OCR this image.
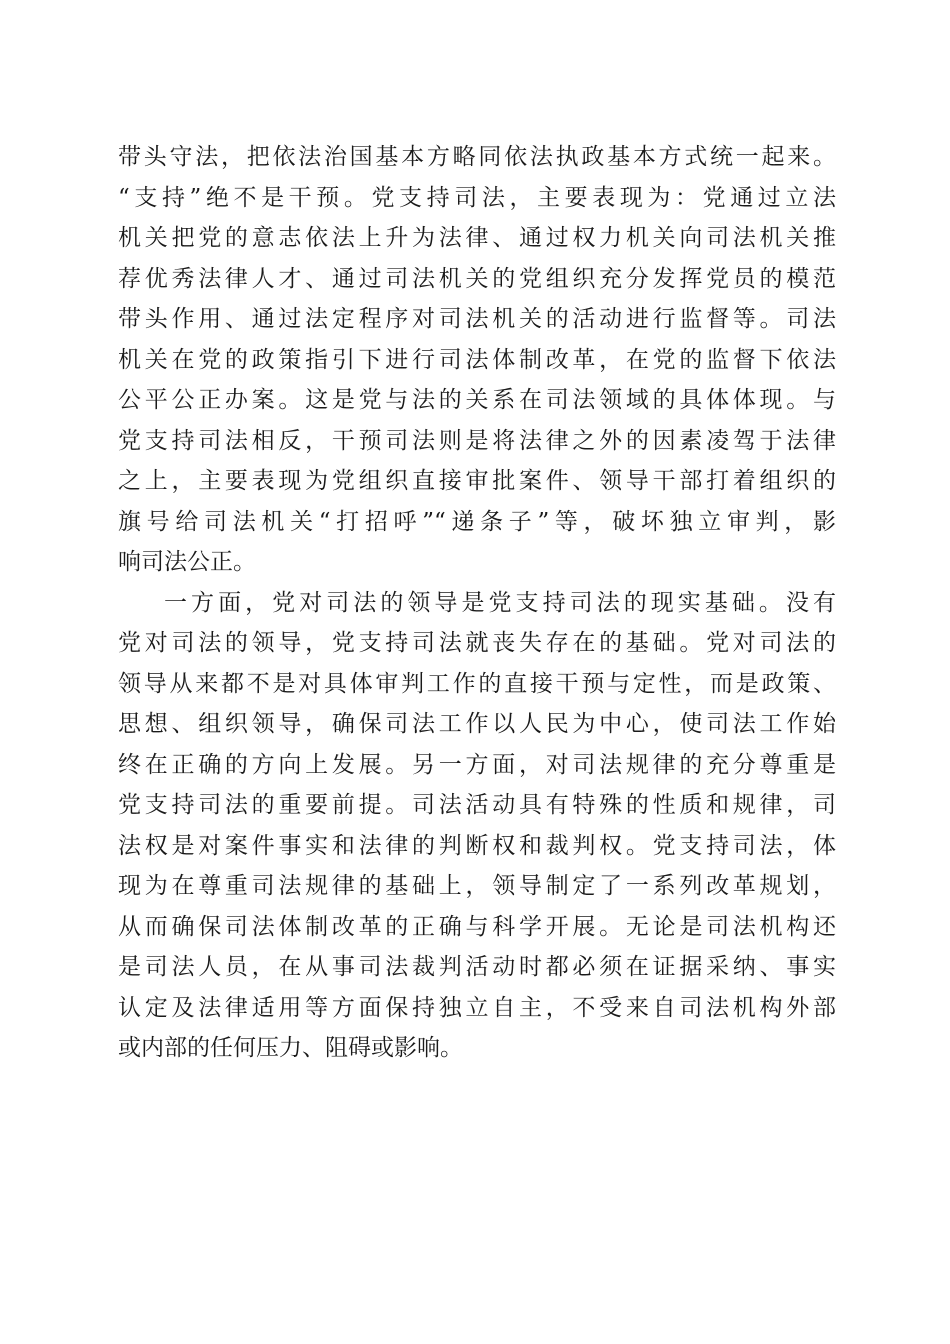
带头守法，把依法治国基本方略同依法执政基本方式统一起来。
“支持”绝不是干预。党支持司法，主要表现为：党通过立法
机关把党的意志依法上升为法律、通过权力机关向司法机关推
荐优秀法律人才、通过司法机关的党组织充分发挥党员的模范
带头作用、通过法定程序对司法机关的活动进行监督等。司法
机关在党的政策指引下进行司法体制改革，在党的监督下依法
公平公正办案。这是党与法的关系在司法领域的具体体现。与
党支持司法相反，干预司法则是将法律之外的因素凌驾于法律
之上，主要表现为党组织直接审批案件、领导干部打着组织的
旗号给司法机关“打招呼”“递条子”等，破坏独立审判，影
响司法公正。
一方面，党对司法的领导是党支持司法的现实基础。没有
党对司法的领导，党支持司法就丧失存在的基础。党对司法的
领导从来都不是对具体审判工作的直接干预与定性，而是政策、
思想、组织领导，确保司法工作以人民为中心，使司法工作始
终在正确的方向上发展。另一方面，对司法规律的充分尊重是
党支持司法的重要前提。司法活动具有特殊的性质和规律，司
法权是对案件事实和法律的判断权和裁判权。党支持司法，体
现为在尊重司法规律的基础上，领导制定了一系列改革规划，
从而确保司法体制改革的正确与科学开展。无论是司法机构还
是司法人员，在从事司法裁判活动时都必须在证据采纳、事实
认定及法律适用等方面保持独立自主，不受来自司法机构外部
或内部的任何压力、阻碍或影响。
